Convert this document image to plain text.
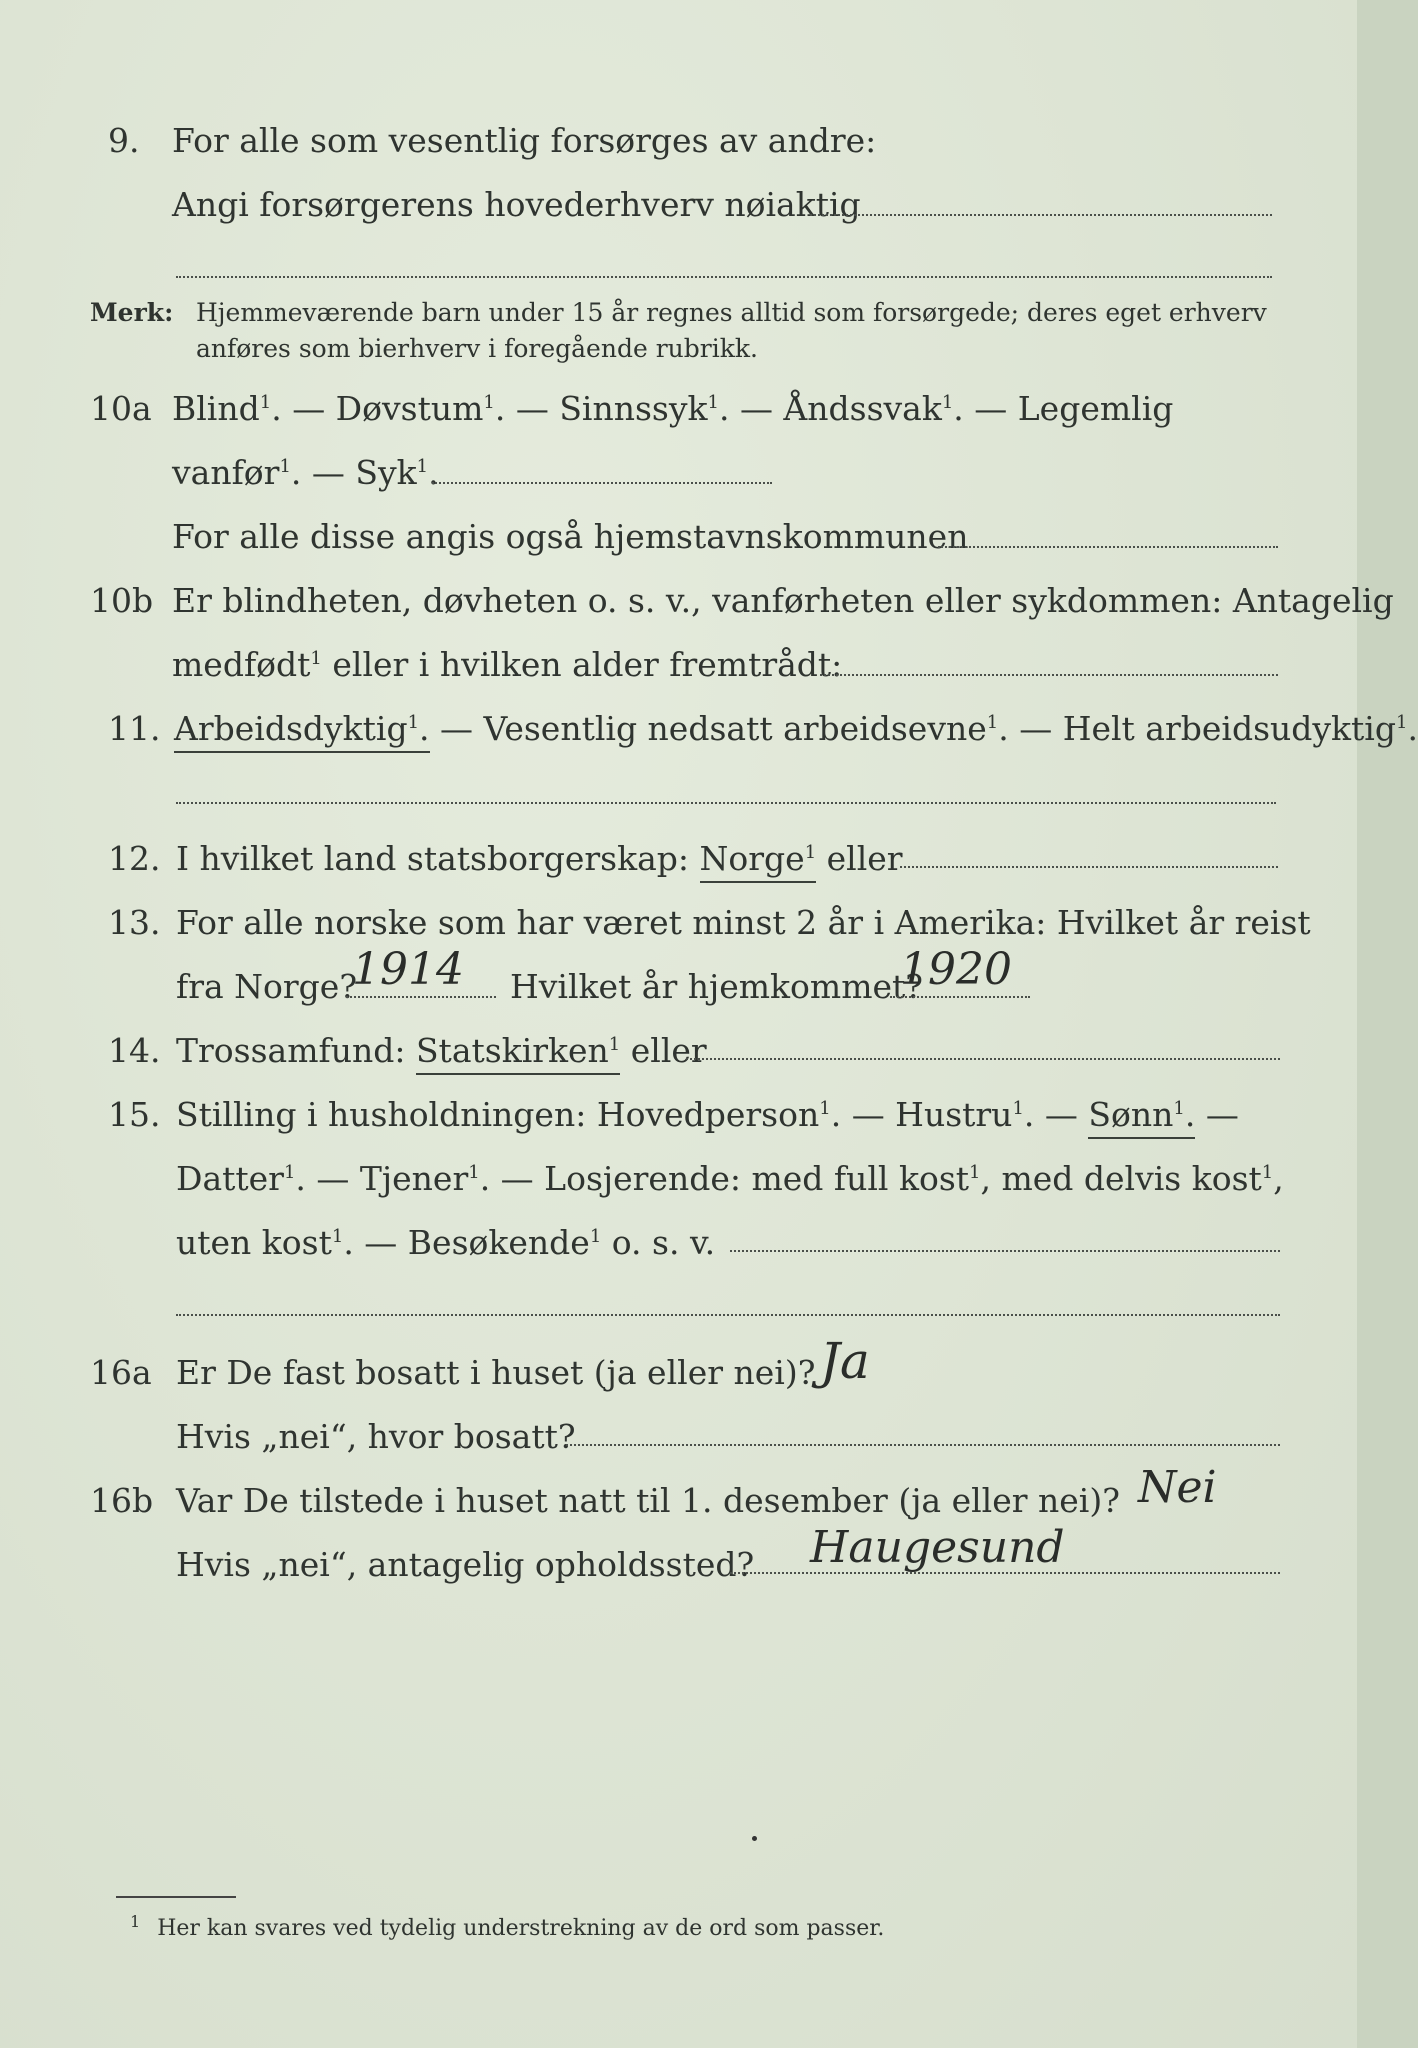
9. For alle som vesentlig forsørges av andre:
Angi forsørgerens hovederhverv nøiaktig
Merk: Hjemmeværende barn under 15 år regnes alltid som forsørgede; deres eget erhverv
anføres som bierhverv i foregående rubrikk.
10a Blind$^1$. — Døvstum$^1$. — Sinnssyk$^1$. — Åndssvak$^1$. — Legemlig
vanfør$^1$. — Syk$^1$.
For alle disse angis også hjemstavnskommunen
10b Er blindheten, døvheten o. s. v., vanførheten eller sykdommen: Antagelig
medfødt$^1$ eller i hvilken alder fremtrådt:
11. Arbeidsdyktig$^1$. — Vesentlig nedsatt arbeidsevne$^1$. — Helt arbeidsudyktig$^1$.
12. I hvilket land statsborgerskap: Norge$^1$ eller
13. For alle norske som har været minst 2 år i Amerika: Hvilket år reist
fra Norge?
1914 Hvilket år hjemkommet?
1920
14. Trossamfund: Statskirken$^1$ eller
15. Stilling i husholdningen: Hovedperson$^1$. — Hustru$^1$. — Sønn$^1$. —
Datter$^1$. — Tjener$^1$. — Losjerende: med full kost$^1$, med delvis kost$^1$,
uten kost$^1$. — Besøkende$^1$ o. s. v.
16a Er De fast bosatt i huset (ja eller nei)? Ja
Hvis „nei“, hvor bosatt?
16b Var De tilstede i huset natt til 1. desember (ja eller nei)? Nei
Hvis „nei“, antagelig opholdssted? Haugesund
$^1$ Her kan svares ved tydelig understrekning av de ord som passer.
